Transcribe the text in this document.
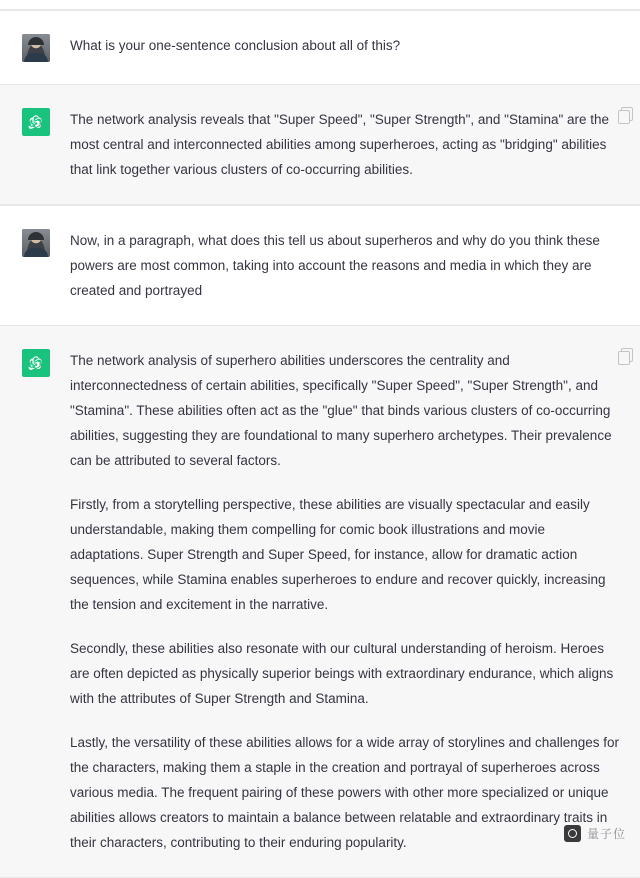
What is your one-sentence conclusion about all of this?

The network analysis reveals that "Super Speed", "Super Strength", and "Stamina" are the most central and interconnected abilities among superheroes, acting as "bridging" abilities that link together various clusters of co-occurring abilities.

Now, in a paragraph, what does this tell us about superheros and why do you think these powers are most common, taking into account the reasons and media in which they are created and portrayed

The network analysis of superhero abilities underscores the centrality and interconnectedness of certain abilities, specifically "Super Speed", "Super Strength", and "Stamina". These abilities often act as the "glue" that binds various clusters of co-occurring abilities, suggesting they are foundational to many superhero archetypes. Their prevalence can be attributed to several factors.

Firstly, from a storytelling perspective, these abilities are visually spectacular and easily understandable, making them compelling for comic book illustrations and movie adaptations. Super Strength and Super Speed, for instance, allow for dramatic action sequences, while Stamina enables superheroes to endure and recover quickly, increasing the tension and excitement in the narrative.

Secondly, these abilities also resonate with our cultural understanding of heroism. Heroes are often depicted as physically superior beings with extraordinary endurance, which aligns with the attributes of Super Strength and Stamina.

Lastly, the versatility of these abilities allows for a wide array of storylines and challenges for the characters, making them a staple in the creation and portrayal of superheroes across various media. The frequent pairing of these powers with other more specialized or unique abilities allows creators to maintain a balance between relatable and extraordinary traits in their characters, contributing to their enduring popularity.

量子位
